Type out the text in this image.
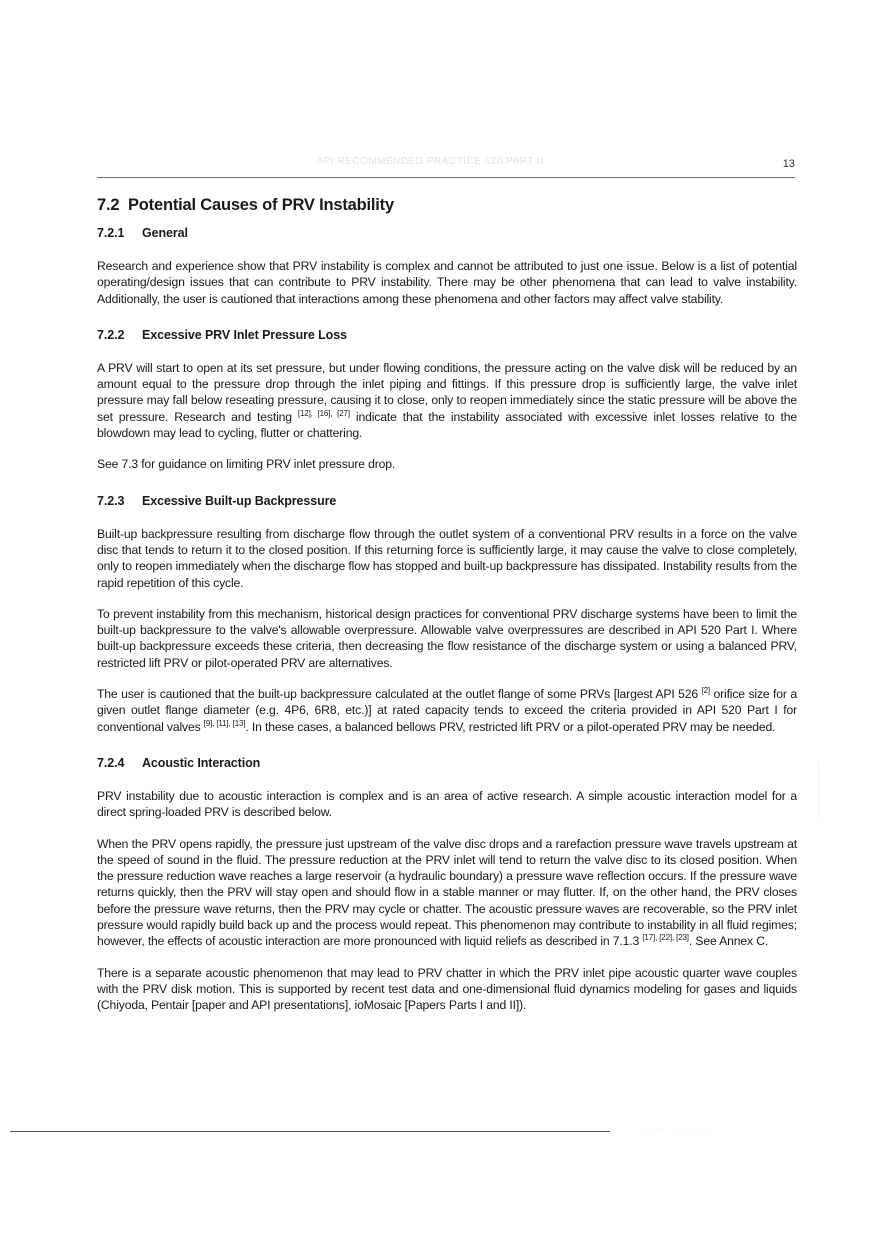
API RECOMMENDED PRACTICE 520 PART II	13
7.2 Potential Causes of PRV Instability
7.2.1 General

Research and experience show that PRV instability is complex and cannot be attributed to just one issue. Below is a list of potential operating/design issues that can contribute to PRV instability. There may be other phenomena that can lead to valve instability. Additionally, the user is cautioned that interactions among these phenomena and other factors may affect valve stability.

7.2.2 Excessive PRV Inlet Pressure Loss

A PRV will start to open at its set pressure, but under flowing conditions, the pressure acting on the valve disk will be reduced by an amount equal to the pressure drop through the inlet piping and fittings. If this pressure drop is sufficiently large, the valve inlet pressure may fall below reseating pressure, causing it to close, only to reopen immediately since the static pressure will be above the set pressure. Research and testing [12], [16], [27] indicate that the instability associated with excessive inlet losses relative to the blowdown may lead to cycling, flutter or chattering.

See 7.3 for guidance on limiting PRV inlet pressure drop.

7.2.3 Excessive Built-up Backpressure

Built-up backpressure resulting from discharge flow through the outlet system of a conventional PRV results in a force on the valve disc that tends to return it to the closed position. If this returning force is sufficiently large, it may cause the valve to close completely, only to reopen immediately when the discharge flow has stopped and built-up backpressure has dissipated. Instability results from the rapid repetition of this cycle.

To prevent instability from this mechanism, historical design practices for conventional PRV discharge systems have been to limit the built-up backpressure to the valve's allowable overpressure. Allowable valve overpressures are described in API 520 Part I. Where built-up backpressure exceeds these criteria, then decreasing the flow resistance of the discharge system or using a balanced PRV, restricted lift PRV or pilot-operated PRV are alternatives.

The user is cautioned that the built-up backpressure calculated at the outlet flange of some PRVs [largest API 526 [2] orifice size for a given outlet flange diameter (e.g. 4P6, 6R8, etc.)] at rated capacity tends to exceed the criteria provided in API 520 Part I for conventional valves [9], [11], [13]. In these cases, a balanced bellows PRV, restricted lift PRV or a pilot-operated PRV may be needed.

7.2.4 Acoustic Interaction

PRV instability due to acoustic interaction is complex and is an area of active research. A simple acoustic interaction model for a direct spring-loaded PRV is described below.

When the PRV opens rapidly, the pressure just upstream of the valve disc drops and a rarefaction pressure wave travels upstream at the speed of sound in the fluid. The pressure reduction at the PRV inlet will tend to return the valve disc to its closed position. When the pressure reduction wave reaches a large reservoir (a hydraulic boundary) a pressure wave reflection occurs. If the pressure wave returns quickly, then the PRV will stay open and should flow in a stable manner or may flutter. If, on the other hand, the PRV closes before the pressure wave returns, then the PRV may cycle or chatter. The acoustic pressure waves are recoverable, so the PRV inlet pressure would rapidly build back up and the process would repeat. This phenomenon may contribute to instability in all fluid regimes; however, the effects of acoustic interaction are more pronounced with liquid reliefs as described in 7.1.3 [17], [22], [23]. See Annex C.

There is a separate acoustic phenomenon that may lead to PRV chatter in which the PRV inlet pipe acoustic quarter wave couples with the PRV disk motion. This is supported by recent test data and one-dimensional fluid dynamics modeling for gases and liquids (Chiyoda, Pentair [paper and API presentations], ioMosaic [Papers Parts I and II]).

· ··· · · · ··
